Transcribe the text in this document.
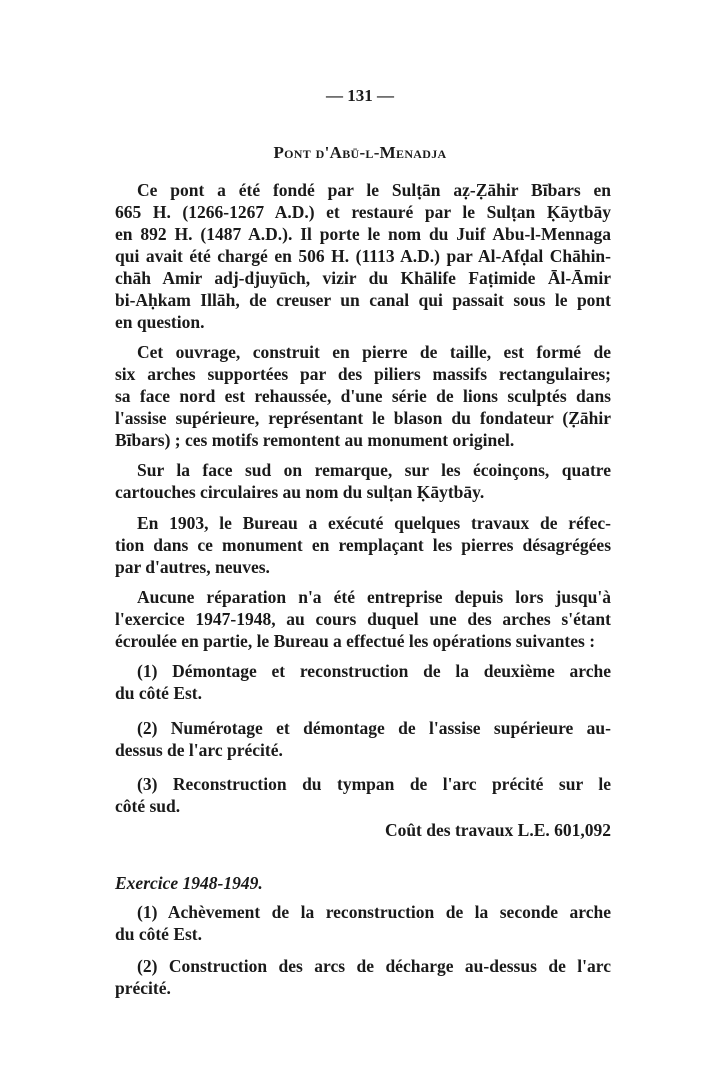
— 131 —
Pont d'Abū-l-Menadja
Ce pont a été fondé par le Sulṭān aẓ-Ẓāhir Bībars en
665 H. (1266-1267 A.D.) et restauré par le Sulṭan Ḳāytbāy
en 892 H. (1487 A.D.). Il porte le nom du Juif Abu-l-Mennaga
qui avait été chargé en 506 H. (1113 A.D.) par Al-Afḍal Chāhin-
chāh Amir adj-djuyūch, vizir du Khālife Faṭimide Āl-Āmir
bi-Aḥkam Illāh, de creuser un canal qui passait sous le pont
en question.
Cet ouvrage, construit en pierre de taille, est formé de
six arches supportées par des piliers massifs rectangulaires;
sa face nord est rehaussée, d'une série de lions sculptés dans
l'assise supérieure, représentant le blason du fondateur (Ẓāhir
Bībars) ; ces motifs remontent au monument originel.
Sur la face sud on remarque, sur les écoinçons, quatre
cartouches circulaires au nom du sulṭan Ḳāytbāy.
En 1903, le Bureau a exécuté quelques travaux de réfec-
tion dans ce monument en remplaçant les pierres désagrégées
par d'autres, neuves.
Aucune réparation n'a été entreprise depuis lors jusqu'à
l'exercice 1947-1948, au cours duquel une des arches s'étant
écroulée en partie, le Bureau a effectué les opérations suivantes :
(1) Démontage et reconstruction de la deuxième arche
du côté Est.
(2) Numérotage et démontage de l'assise supérieure au-
dessus de l'arc précité.
(3) Reconstruction du tympan de l'arc précité sur le
côté sud.
Coût des travaux L.E. 601,092
Exercice 1948-1949.
(1) Achèvement de la reconstruction de la seconde arche
du côté Est.
(2) Construction des arcs de décharge au-dessus de l'arc
précité.
